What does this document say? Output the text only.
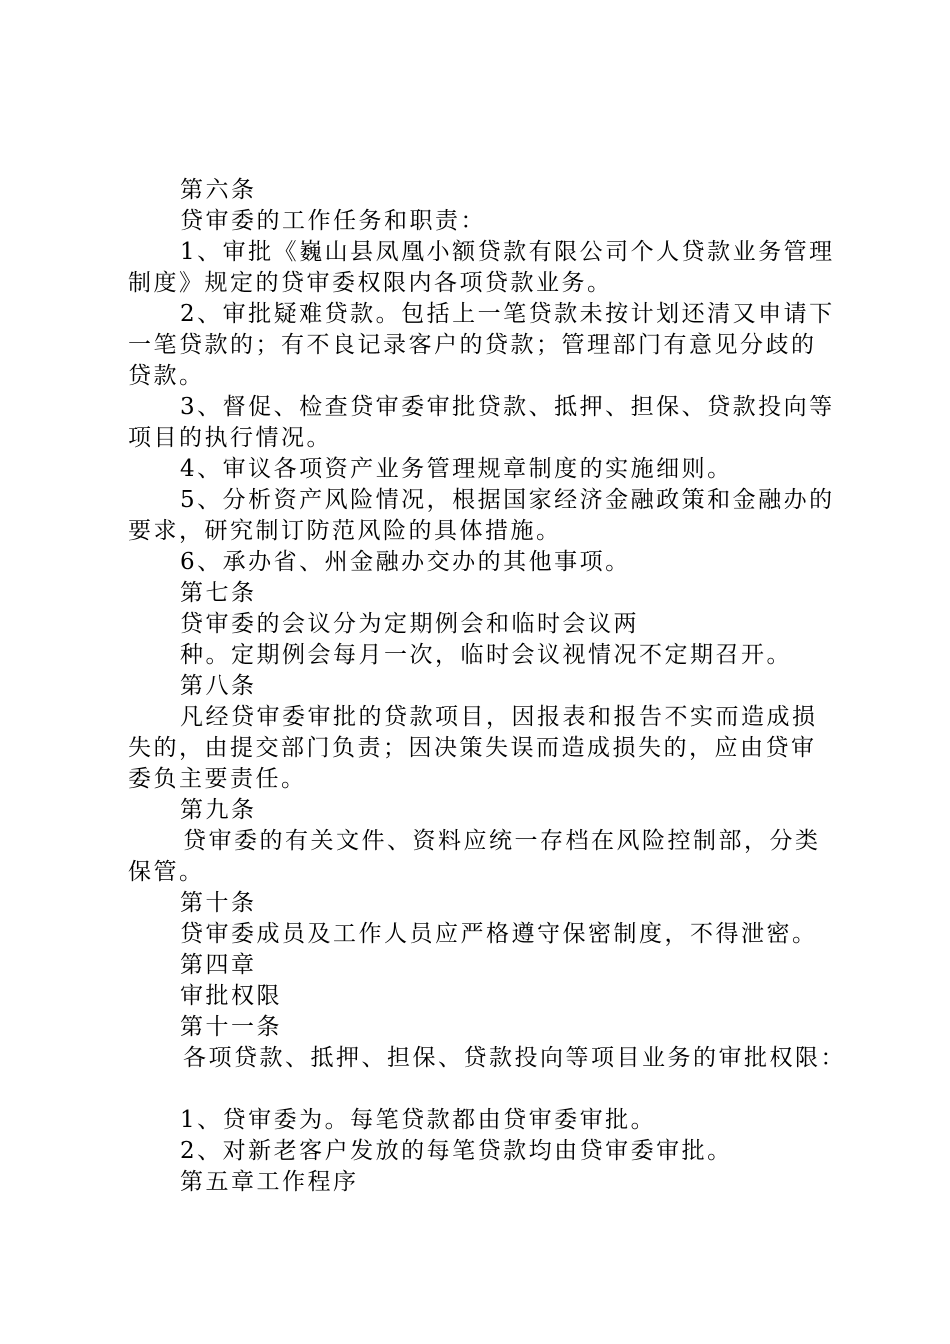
第六条
贷审委的工作任务和职责：
1、审批《巍山县凤凰小额贷款有限公司个人贷款业务管理
制度》规定的贷审委权限内各项贷款业务。
2、审批疑难贷款。包括上一笔贷款未按计划还清又申请下
一笔贷款的；有不良记录客户的贷款；管理部门有意见分歧的
贷款。
3、督促、检查贷审委审批贷款、抵押、担保、贷款投向等
项目的执行情况。
4、审议各项资产业务管理规章制度的实施细则。
5、分析资产风险情况，根据国家经济金融政策和金融办的
要求，研究制订防范风险的具体措施。
6、承办省、州金融办交办的其他事项。
第七条
贷审委的会议分为定期例会和临时会议两
种。定期例会每月一次，临时会议视情况不定期召开。
第八条
凡经贷审委审批的贷款项目，因报表和报告不实而造成损
失的，由提交部门负责；因决策失误而造成损失的，应由贷审
委负主要责任。
第九条
贷审委的有关文件、资料应统一存档在风险控制部，分类
保管。
第十条
贷审委成员及工作人员应严格遵守保密制度，不得泄密。
第四章
审批权限
第十一条
各项贷款、抵押、担保、贷款投向等项目业务的审批权限：
1、贷审委为。每笔贷款都由贷审委审批。
2、对新老客户发放的每笔贷款均由贷审委审批。
第五章工作程序
